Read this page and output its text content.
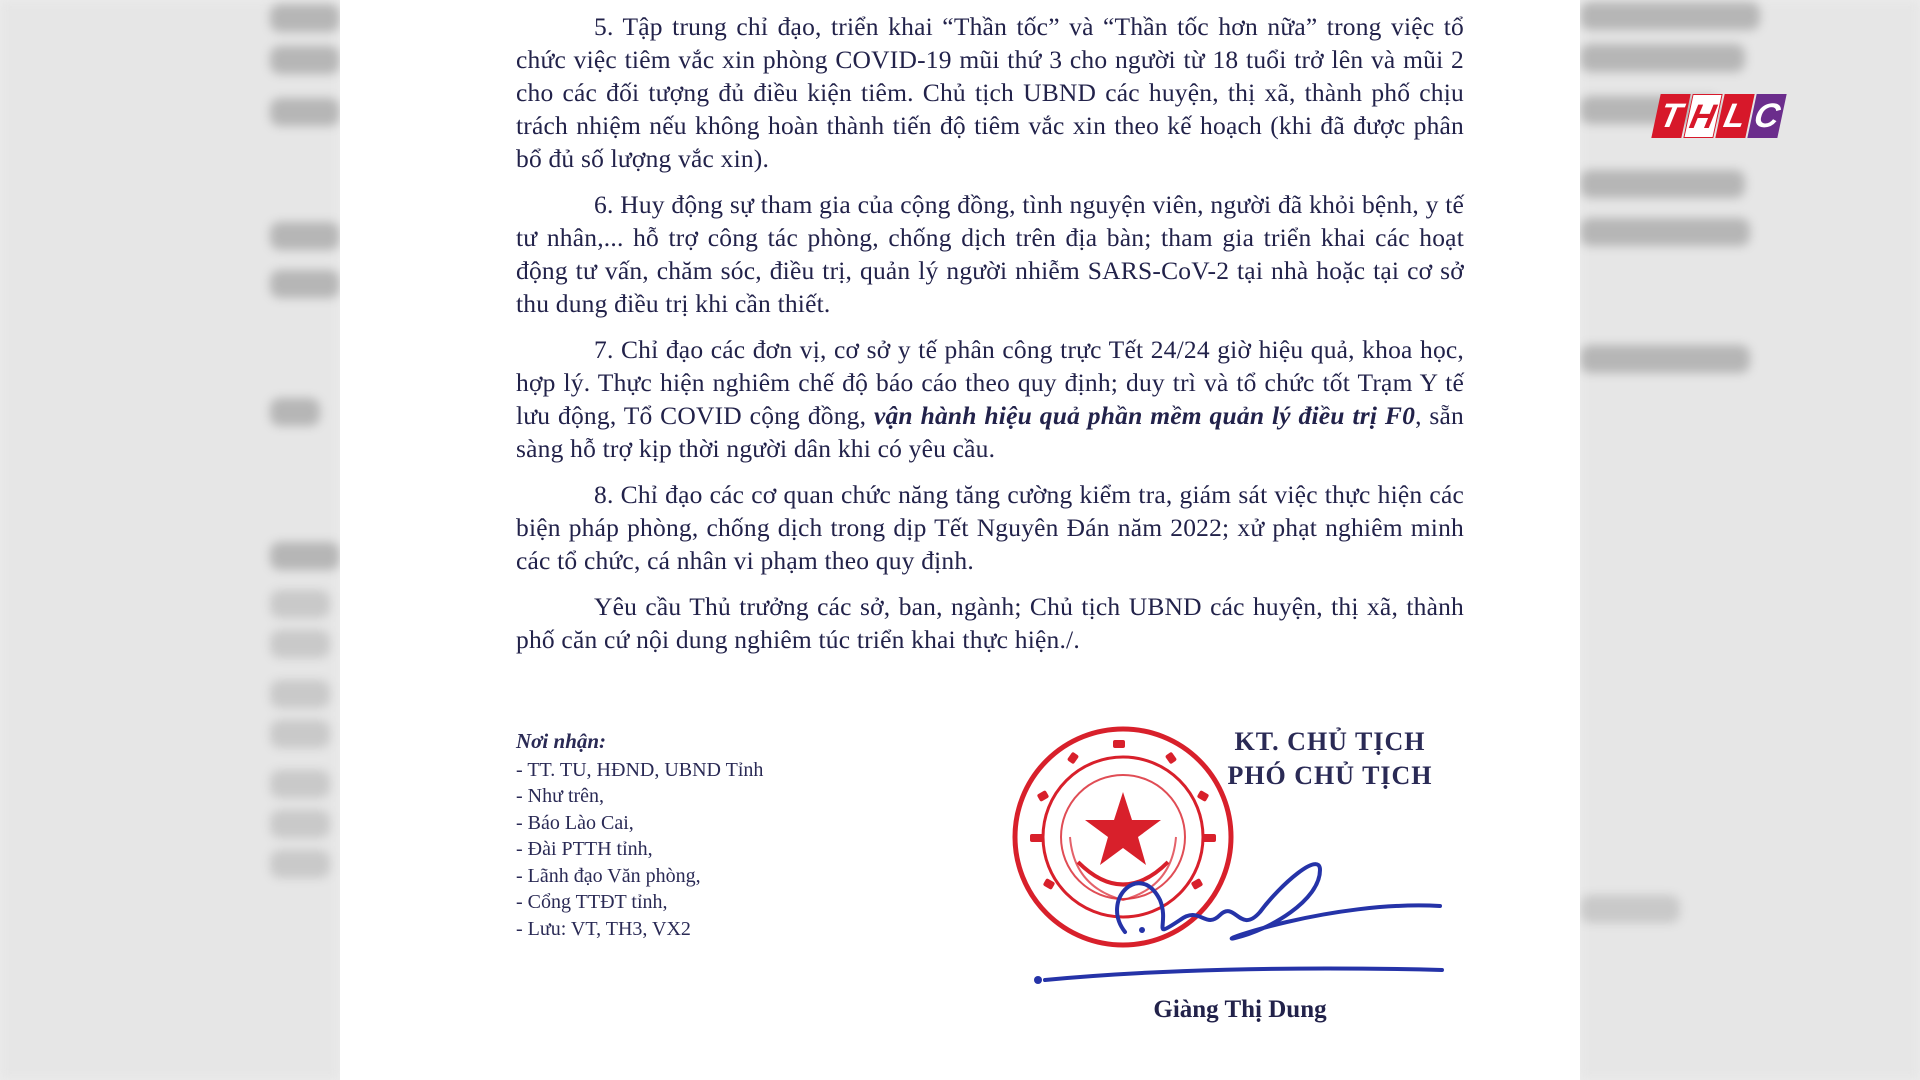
5. Tập trung chỉ đạo, triển khai “Thần tốc” và “Thần tốc hơn nữa” trong việc tổ chức việc tiêm vắc xin phòng COVID-19 mũi thứ 3 cho người từ 18 tuổi trở lên và mũi 2 cho các đối tượng đủ điều kiện tiêm. Chủ tịch UBND các huyện, thị xã, thành phố chịu trách nhiệm nếu không hoàn thành tiến độ tiêm vắc xin theo kế hoạch (khi đã được phân bổ đủ số lượng vắc xin).

6. Huy động sự tham gia của cộng đồng, tình nguyện viên, người đã khỏi bệnh, y tế tư nhân,... hỗ trợ công tác phòng, chống dịch trên địa bàn; tham gia triển khai các hoạt động tư vấn, chăm sóc, điều trị, quản lý người nhiễm SARS-CoV-2 tại nhà hoặc tại cơ sở thu dung điều trị khi cần thiết.

7. Chỉ đạo các đơn vị, cơ sở y tế phân công trực Tết 24/24 giờ hiệu quả, khoa học, hợp lý. Thực hiện nghiêm chế độ báo cáo theo quy định; duy trì và tổ chức tốt Trạm Y tế lưu động, Tổ COVID cộng đồng, vận hành hiệu quả phần mềm quản lý điều trị F0, sẵn sàng hỗ trợ kịp thời người dân khi có yêu cầu.

8. Chỉ đạo các cơ quan chức năng tăng cường kiểm tra, giám sát việc thực hiện các biện pháp phòng, chống dịch trong dịp Tết Nguyên Đán năm 2022; xử phạt nghiêm minh các tổ chức, cá nhân vi phạm theo quy định.

Yêu cầu Thủ trưởng các sở, ban, ngành; Chủ tịch UBND các huyện, thị xã, thành phố căn cứ nội dung nghiêm túc triển khai thực hiện./.

Nơi nhận:
- TT. TU, HĐND, UBND Tỉnh
- Như trên,
- Báo Lào Cai,
- Đài PTTH tỉnh,
- Lãnh đạo Văn phòng,
- Cổng TTĐT tỉnh,
- Lưu: VT, TH3, VX2
KT. CHỦ TỊCH
PHÓ CHỦ TỊCH
Giàng Thị Dung
T H L C
